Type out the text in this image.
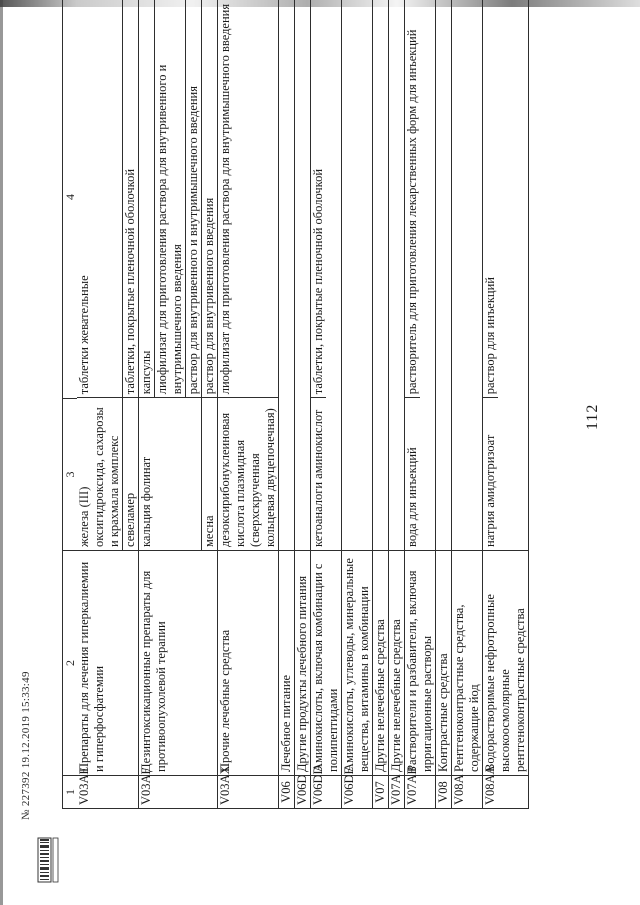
112
1
2
3
4
V03AE
Препараты для лечения гиперкалиемии и гиперфосфатемии
железа (III) оксигидроксида, сахарозы и крахмала комплекс
таблетки жевательные
севеламер
таблетки, покрытые пленочной оболочкой
V03AF
Дезинтоксикационные препараты для противоопухолевой терапии
кальция фолинат
капсулы лиофилизат для приготовления раствора для внутривенного и внутримышечного введения раствор для внутривенного и внутримышечного введения
месна
раствор для внутривенного введения
V03AX
Прочие лечебные средства
дезоксирибонуклеиновая кислота плазмидная (сверхскрученная кольцевая двуцепочечная)
лиофилизат для приготовления раствора для внутримышечного введения
V06
Лечебное питание
V06D
Другие продукты лечебного питания
V06DD
Аминокислоты, включая комбинации с полипептидами
кетоаналоги аминокислот
таблетки, покрытые пленочной оболочкой
V06DE
Аминокислоты, углеводы, минеральные вещества, витамины в комбинации
V07
Другие нелечебные средства
V07A
Другие нелечебные средства
V07AB
Растворители и разбавители, включая ирригационные растворы
вода для инъекций
растворитель для приготовления лекарственных форм для инъекций
V08
Контрастные средства
V08A
Рентгеноконтрастные средства, содержащие йод
V08AA
Водорастворимые нефротропные высокоосмолярные рентгеноконтрастные средства
натрия амидотризоат
раствор для инъекций
№ 227392 19.12.2019 15:33:49
